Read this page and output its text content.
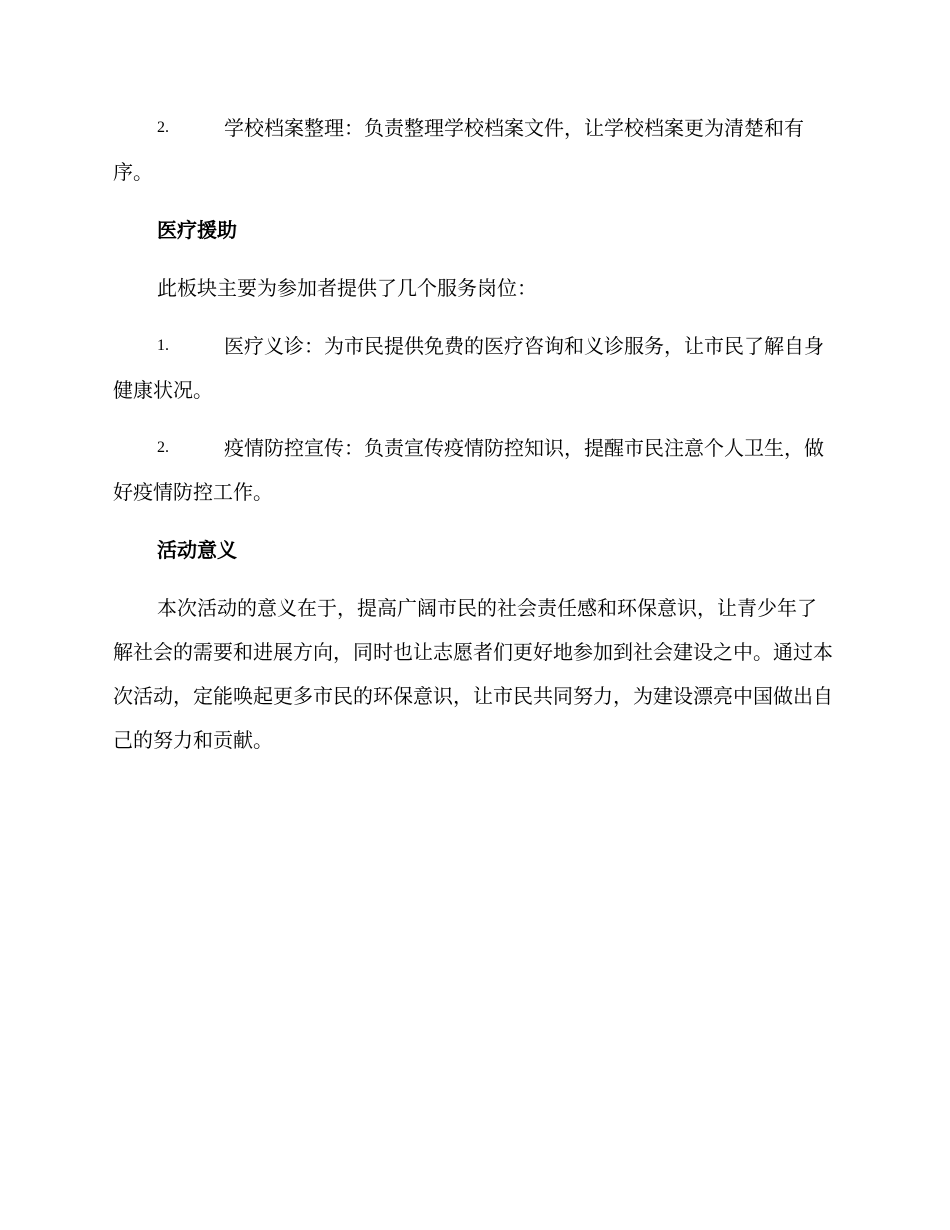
2.	学校档案整理：负责整理学校档案文件，让学校档案更为清楚和有序。
医疗援助
此板块主要为参加者提供了几个服务岗位：
1.	医疗义诊：为市民提供免费的医疗咨询和义诊服务，让市民了解自身健康状况。
2.	疫情防控宣传：负责宣传疫情防控知识，提醒市民注意个人卫生，做好疫情防控工作。
活动意义
本次活动的意义在于，提高广阔市民的社会责任感和环保意识，让青少年了解社会的需要和进展方向，同时也让志愿者们更好地参加到社会建设之中。通过本次活动，定能唤起更多市民的环保意识，让市民共同努力，为建设漂亮中国做出自己的努力和贡献。
